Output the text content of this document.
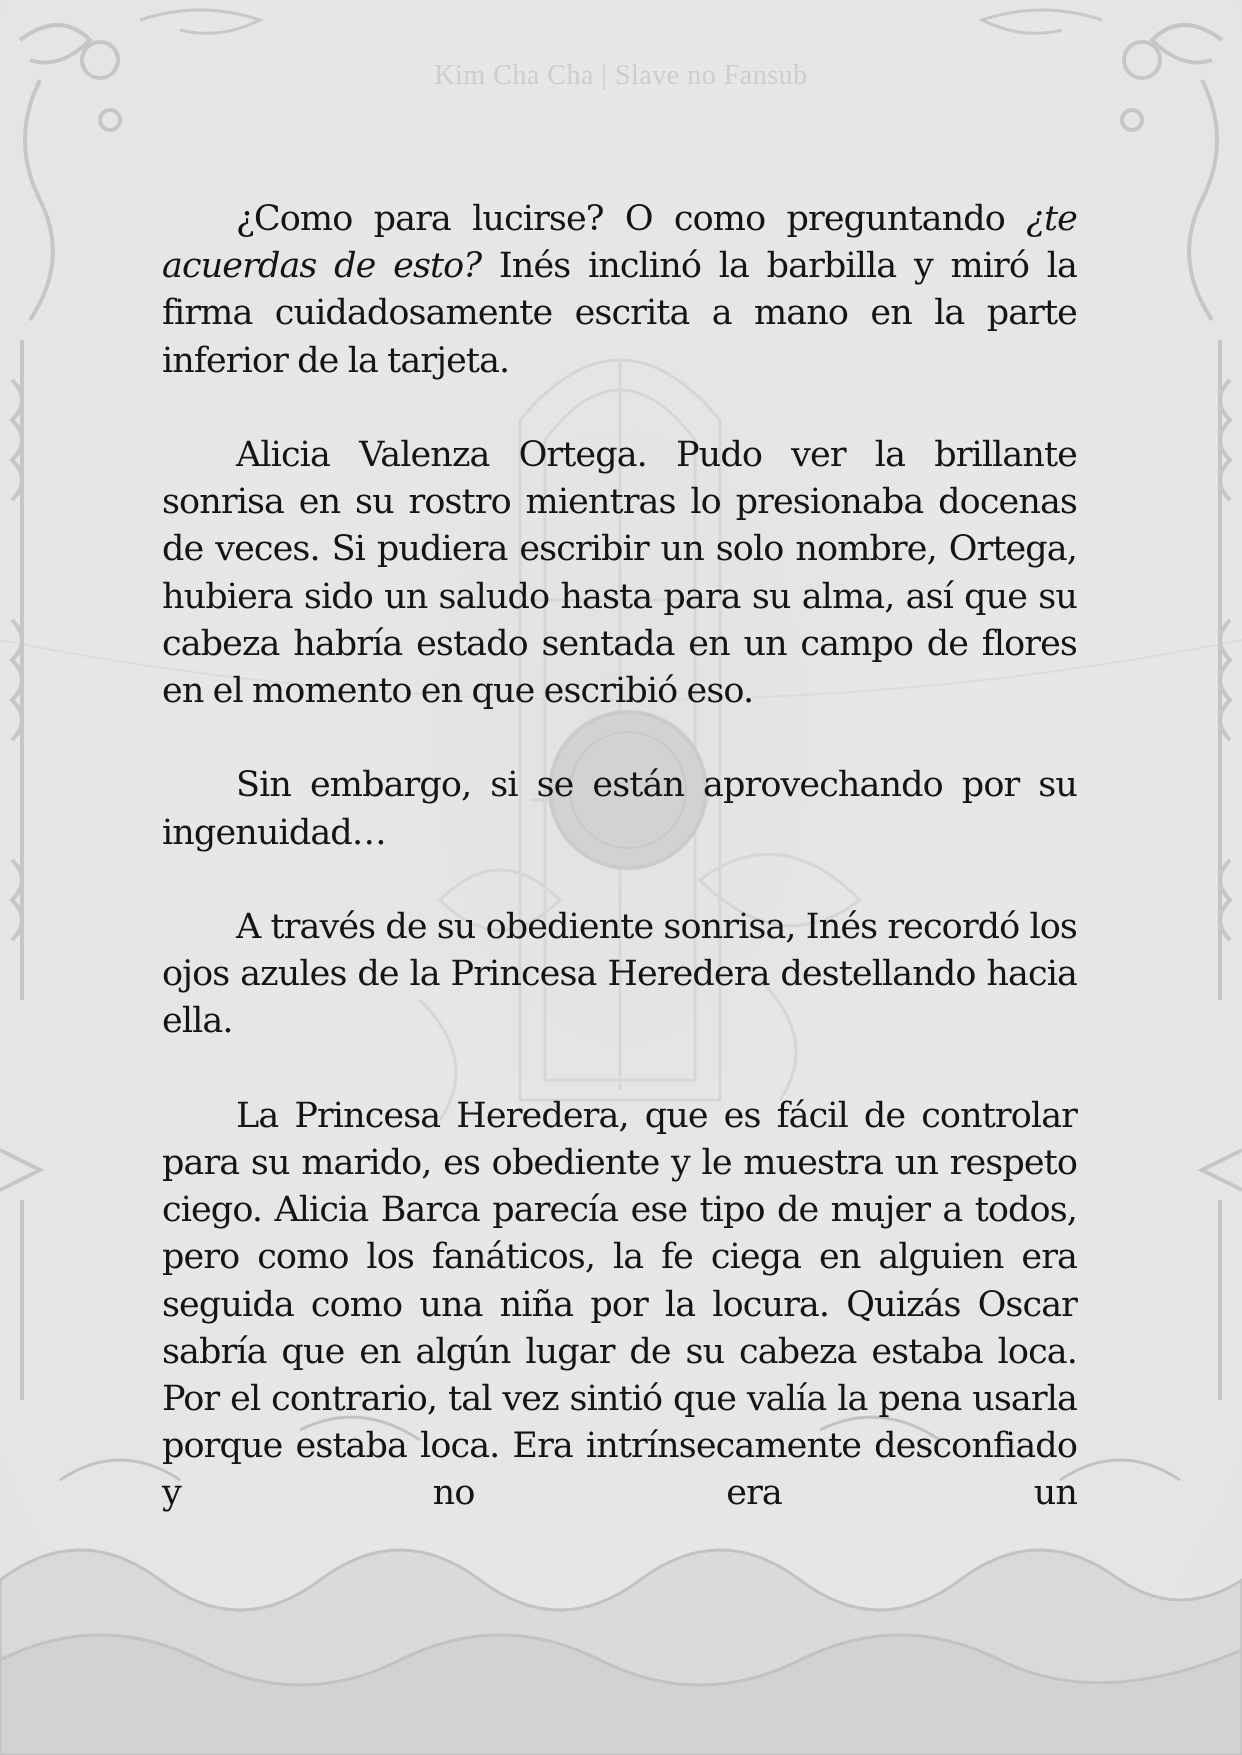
Kim Cha Cha | Slave no Fansub

¿Como para lucirse? O como preguntando ¿te acuerdas de esto? Inés inclinó la barbilla y miró la firma cuidadosamente escrita a mano en la parte inferior de la tarjeta.

Alicia Valenza Ortega. Pudo ver la brillante sonrisa en su rostro mientras lo presionaba docenas de veces. Si pudiera escribir un solo nombre, Ortega, hubiera sido un saludo hasta para su alma, así que su cabeza habría estado sentada en un campo de flores en el momento en que escribió eso.

Sin embargo, si se están aprovechando por su ingenuidad…

A través de su obediente sonrisa, Inés recordó los ojos azules de la Princesa Heredera destellando hacia ella.

La Princesa Heredera, que es fácil de controlar para su marido, es obediente y le muestra un respeto ciego. Alicia Barca parecía ese tipo de mujer a todos, pero como los fanáticos, la fe ciega en alguien era seguida como una niña por la locura. Quizás Oscar sabría que en algún lugar de su cabeza estaba loca. Por el contrario, tal vez sintió que valía la pena usarla porque estaba loca. Era intrínsecamente desconfiado y no era un
